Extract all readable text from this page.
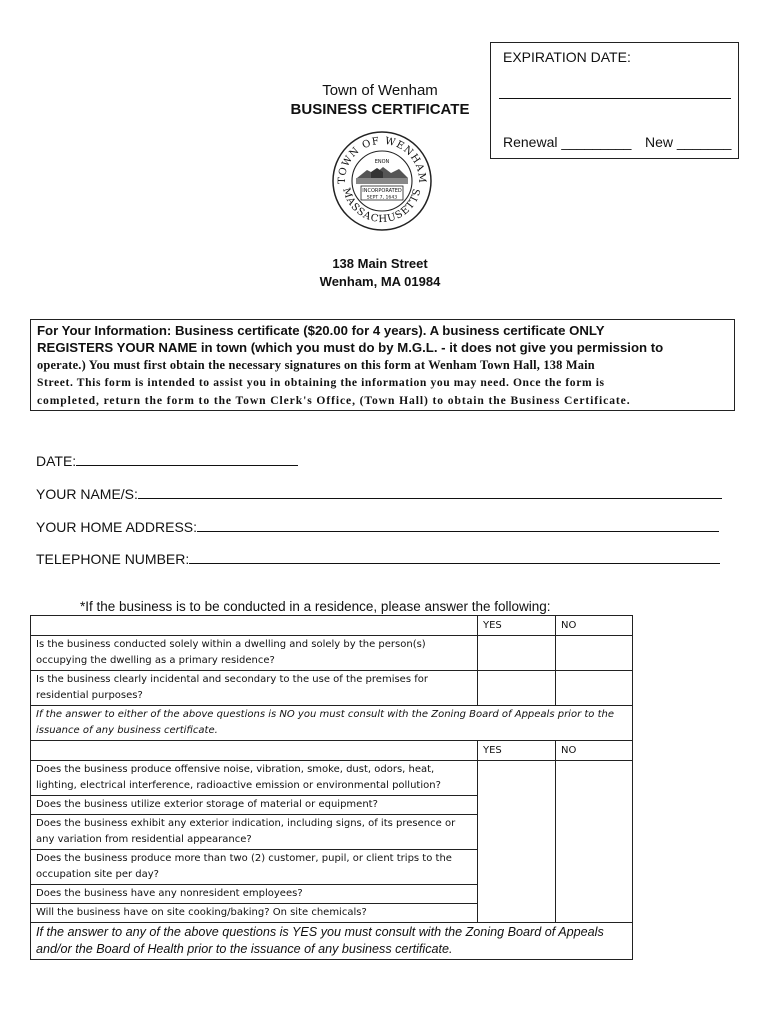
EXPIRATION DATE:
Renewal _________ New _______
Town of Wenham
BUSINESS CERTIFICATE
TOWN OF WENHAM
MASSACHUSETTS
ENON
INCORPORATED
SEPT 7, 1643
138 Main Street
Wenham, MA 01984
For Your Information: Business certificate ($20.00 for 4 years). A business certificate ONLY
REGISTERS YOUR NAME in town (which you must do by M.G.L. - it does not give you permission to
operate.) You must first obtain the necessary signatures on this form at Wenham Town Hall, 138 Main
Street. This form is intended to assist you in obtaining the information you may need. Once the form is
completed, return the form to the Town Clerk's Office, (Town Hall) to obtain the Business Certificate.
DATE:
YOUR NAME/S:
YOUR HOME ADDRESS:
TELEPHONE NUMBER:
*If the business is to be conducted in a residence, please answer the following:
	YES	NO
Is the business conducted solely within a dwelling and solely by the person(s) occupying the dwelling as a primary residence?		
Is the business clearly incidental and secondary to the use of the premises for residential purposes?		
If the answer to either of the above questions is NO you must consult with the Zoning Board of Appeals prior to the issuance of any business certificate.		
	YES	NO
Does the business produce offensive noise, vibration, smoke, dust, odors, heat, lighting, electrical interference, radioactive emission or environmental pollution?		
Does the business utilize exterior storage of material or equipment?		
Does the business exhibit any exterior indication, including signs, of its presence or any variation from residential appearance?		
Does the business produce more than two (2) customer, pupil, or client trips to the occupation site per day?		
Does the business have any nonresident employees?		
Will the business have on site cooking/baking? On site chemicals?		
If the answer to any of the above questions is YES you must consult with the Zoning Board of Appeals and/or the Board of Health prior to the issuance of any business certificate.		
